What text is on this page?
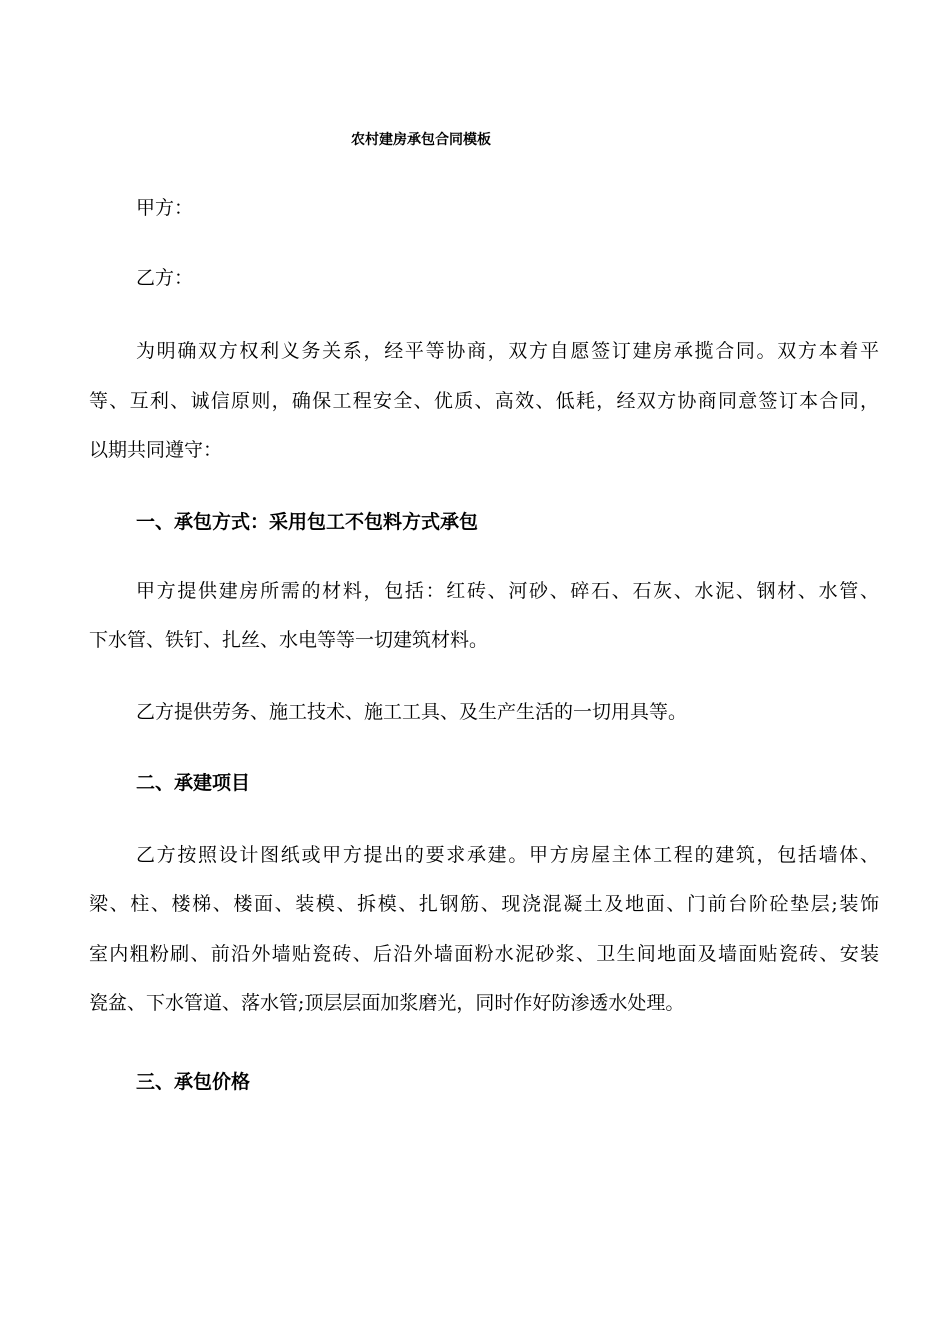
农村建房承包合同模板
甲方：
乙方：
为明确双方权利义务关系，经平等协商，双方自愿签订建房承揽合同。双方本着平
等、互利、诚信原则，确保工程安全、优质、高效、低耗，经双方协商同意签订本合同，
以期共同遵守：
一、承包方式：采用包工不包料方式承包
甲方提供建房所需的材料，包括：红砖、河砂、碎石、石灰、水泥、钢材、水管、
下水管、铁钉、扎丝、水电等等一切建筑材料。
乙方提供劳务、施工技术、施工工具、及生产生活的一切用具等。
二、承建项目
乙方按照设计图纸或甲方提出的要求承建。甲方房屋主体工程的建筑，包括墙体、
梁、柱、楼梯、楼面、装模、拆模、扎钢筋、现浇混凝土及地面、门前台阶砼垫层;装饰
室内粗粉刷、前沿外墙贴瓷砖、后沿外墙面粉水泥砂浆、卫生间地面及墙面贴瓷砖、安装
瓷盆、下水管道、落水管;顶层层面加浆磨光，同时作好防渗透水处理。
三、承包价格
